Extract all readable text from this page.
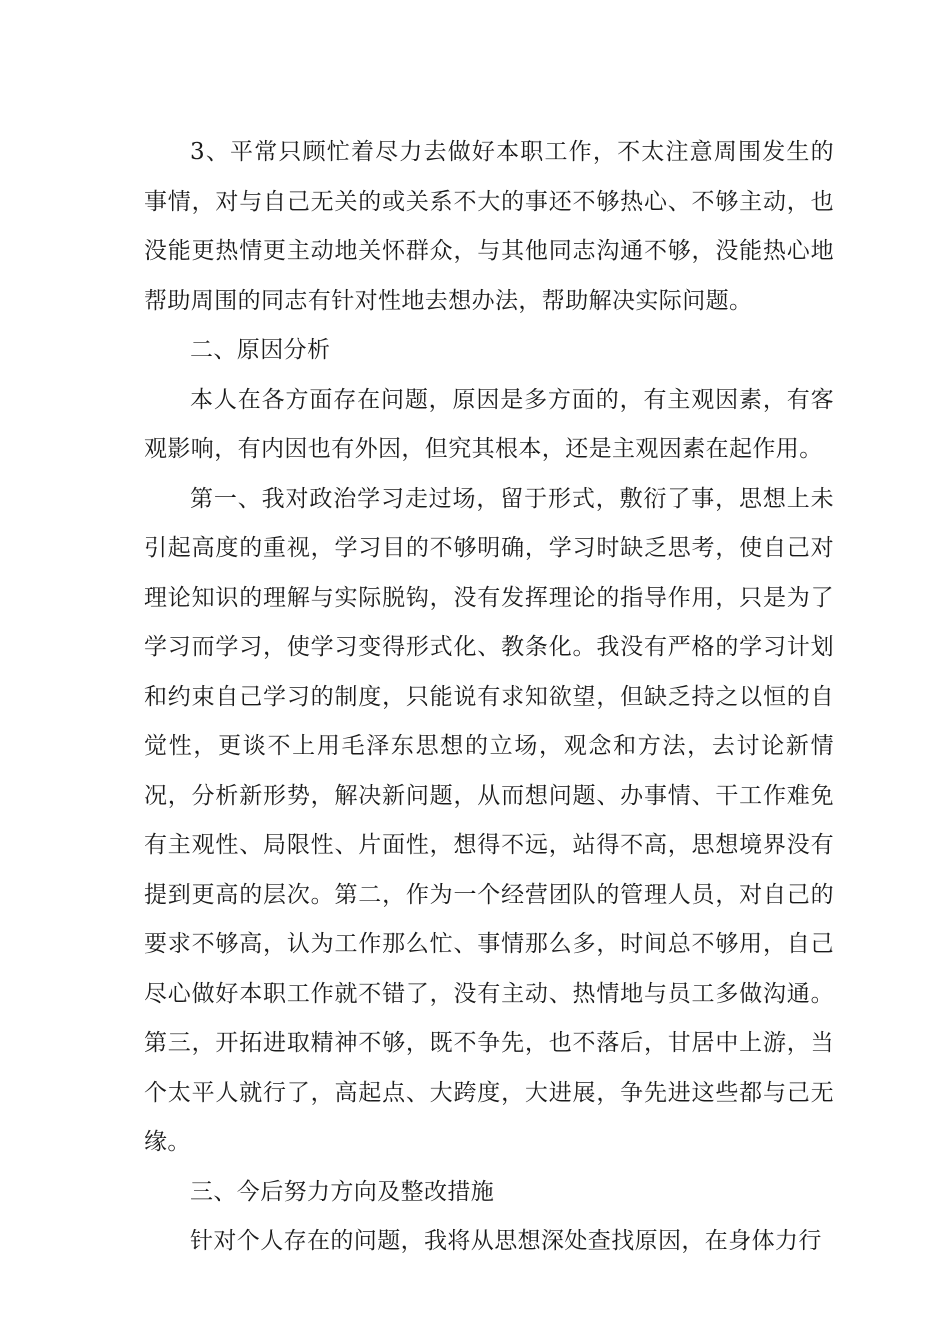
3、平常只顾忙着尽力去做好本职工作，不太注意周围发生的事情，对与自己无关的或关系不大的事还不够热心、不够主动，也没能更热情更主动地关怀群众，与其他同志沟通不够，没能热心地帮助周围的同志有针对性地去想办法，帮助解决实际问题。

二、原因分析

本人在各方面存在问题，原因是多方面的，有主观因素，有客观影响，有内因也有外因，但究其根本，还是主观因素在起作用。

第一、我对政治学习走过场，留于形式，敷衍了事，思想上未引起高度的重视，学习目的不够明确，学习时缺乏思考，使自己对理论知识的理解与实际脱钩，没有发挥理论的指导作用，只是为了学习而学习，使学习变得形式化、教条化。我没有严格的学习计划和约束自己学习的制度，只能说有求知欲望，但缺乏持之以恒的自觉性，更谈不上用毛泽东思想的立场，观念和方法，去讨论新情况，分析新形势，解决新问题，从而想问题、办事情、干工作难免有主观性、局限性、片面性，想得不远，站得不高，思想境界没有提到更高的层次。第二，作为一个经营团队的管理人员，对自己的要求不够高，认为工作那么忙、事情那么多，时间总不够用，自己尽心做好本职工作就不错了，没有主动、热情地与员工多做沟通。第三，开拓进取精神不够，既不争先，也不落后，甘居中上游，当个太平人就行了，高起点、大跨度，大进展，争先进这些都与己无缘。

三、今后努力方向及整改措施

针对个人存在的问题，我将从思想深处查找原因，在身体力行
